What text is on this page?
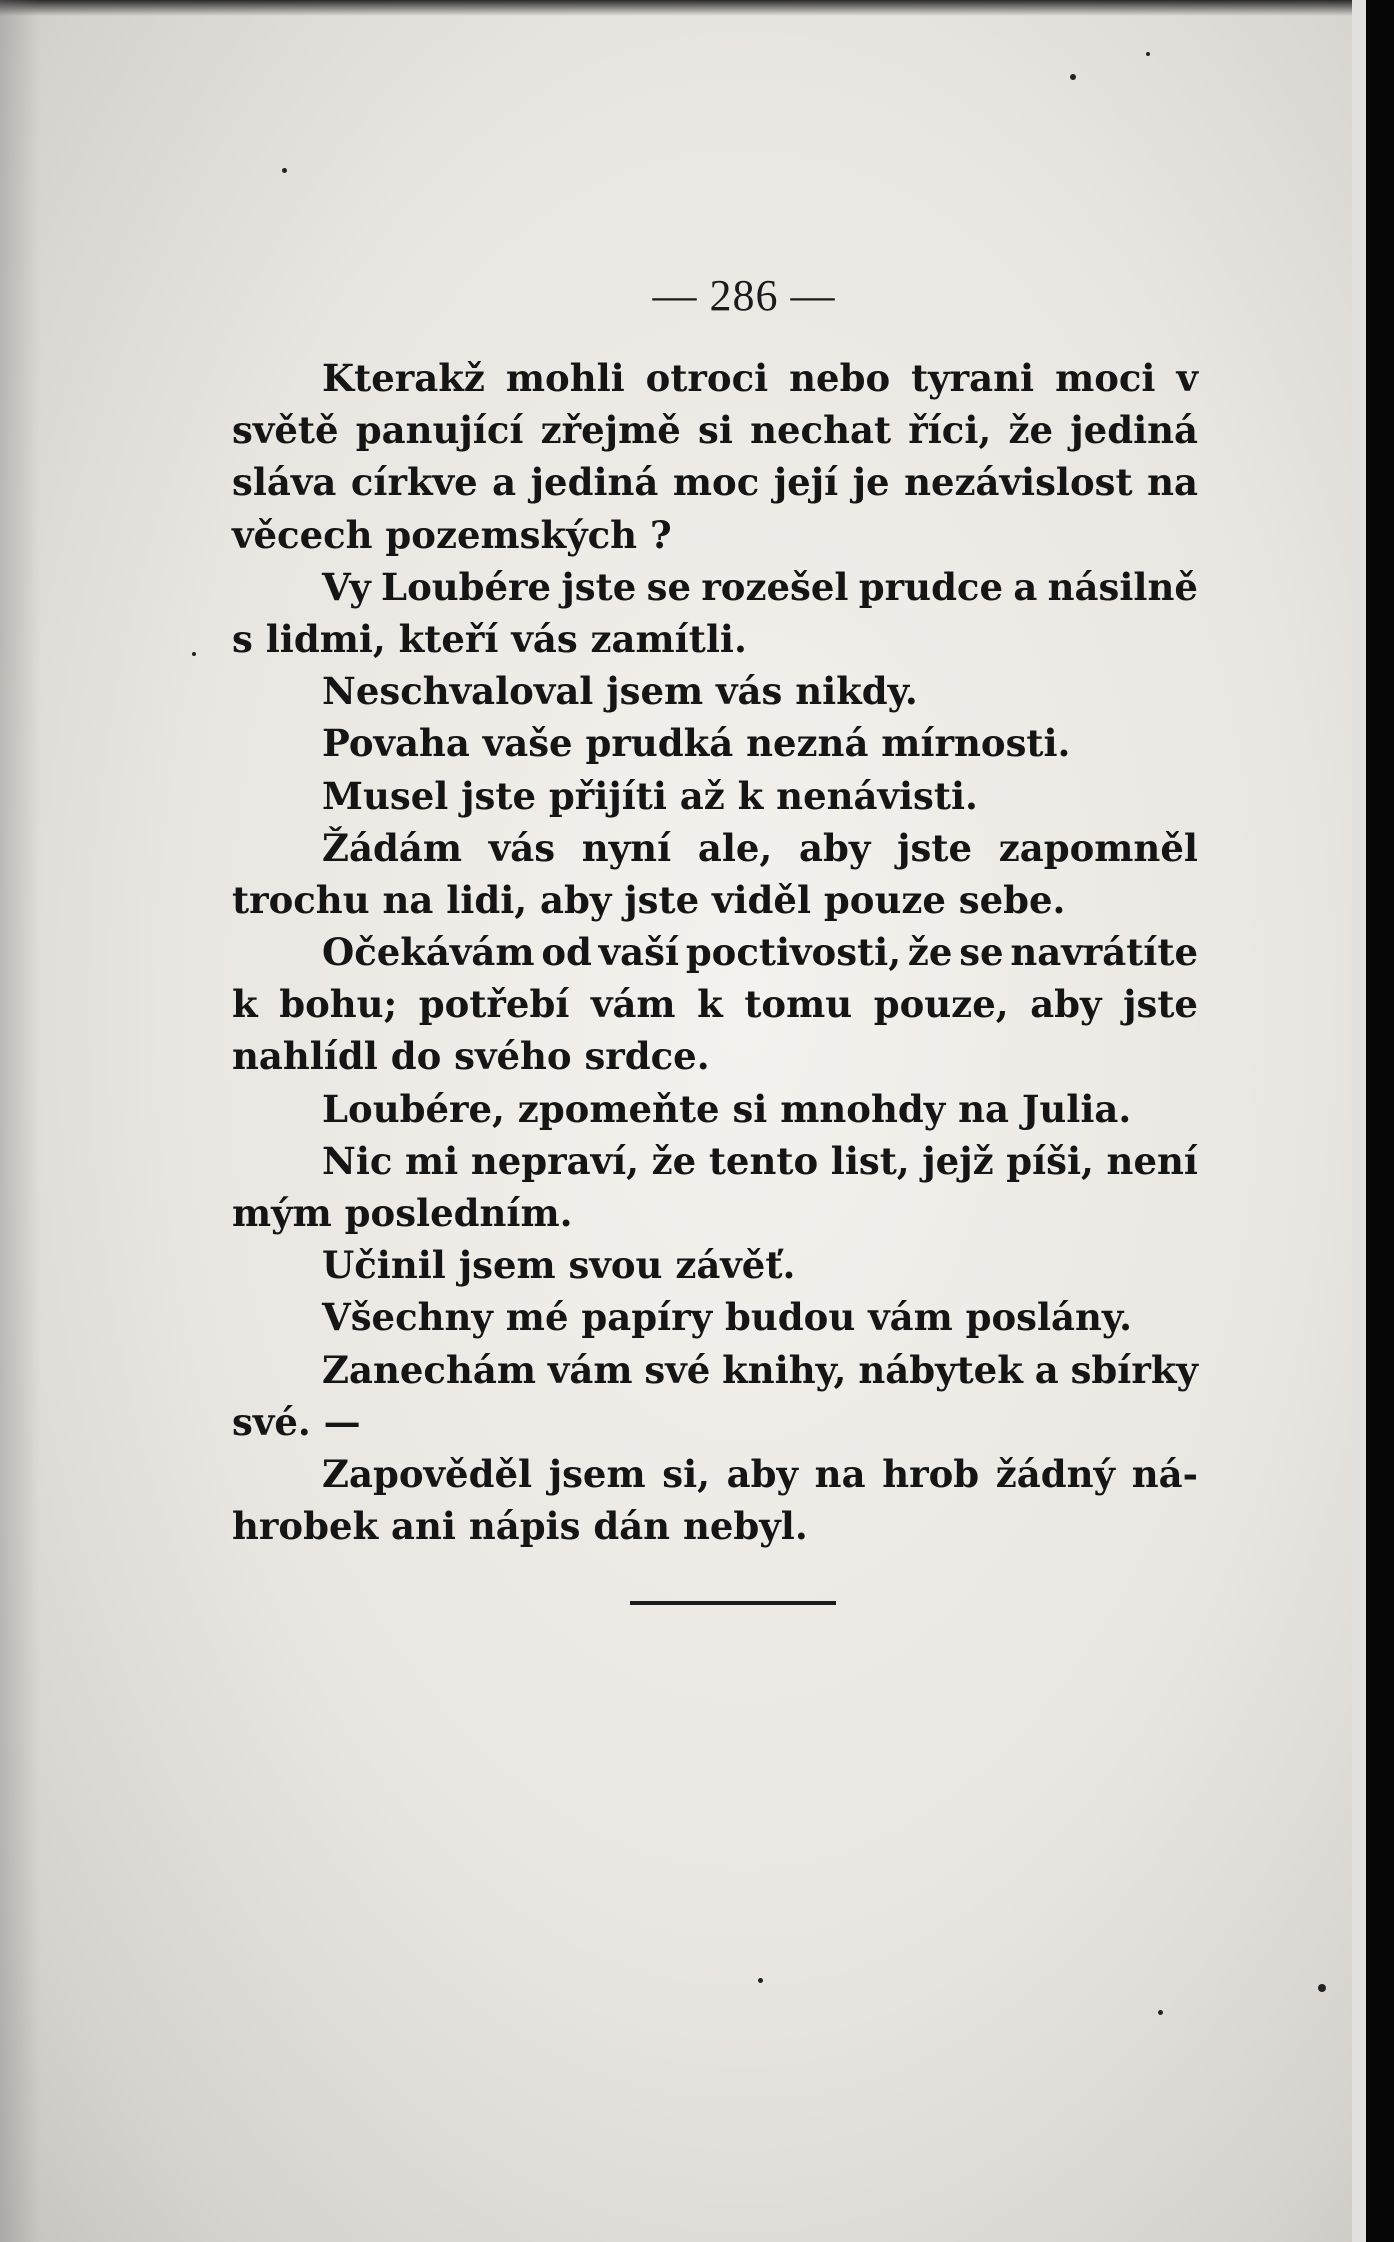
— 286 —
Kterakž mohli otroci nebo tyrani moci v
světě panující zřejmě si nechat říci, že jediná
sláva církve a jediná moc její je nezávislost na
věcech pozemských ?
Vy Loubére jste se rozešel prudce a násilně
s lidmi, kteří vás zamítli.
Neschvaloval jsem vás nikdy.
Povaha vaše prudká nezná mírnosti.
Musel jste přijíti až k nenávisti.
Žádám vás nyní ale, aby jste zapomněl
trochu na lidi, aby jste viděl pouze sebe.
Očekávám od vaší poctivosti, že se navrátíte
k bohu; potřebí vám k tomu pouze, aby jste
nahlídl do svého srdce.
Loubére, zpomeňte si mnohdy na Julia.
Nic mi nepraví, že tento list, jejž píši, není
mým posledním.
Učinil jsem svou závěť.
Všechny mé papíry budou vám poslány.
Zanechám vám své knihy, nábytek a sbírky
své. —
Zapověděl jsem si, aby na hrob žádný ná-
hrobek ani nápis dán nebyl.
